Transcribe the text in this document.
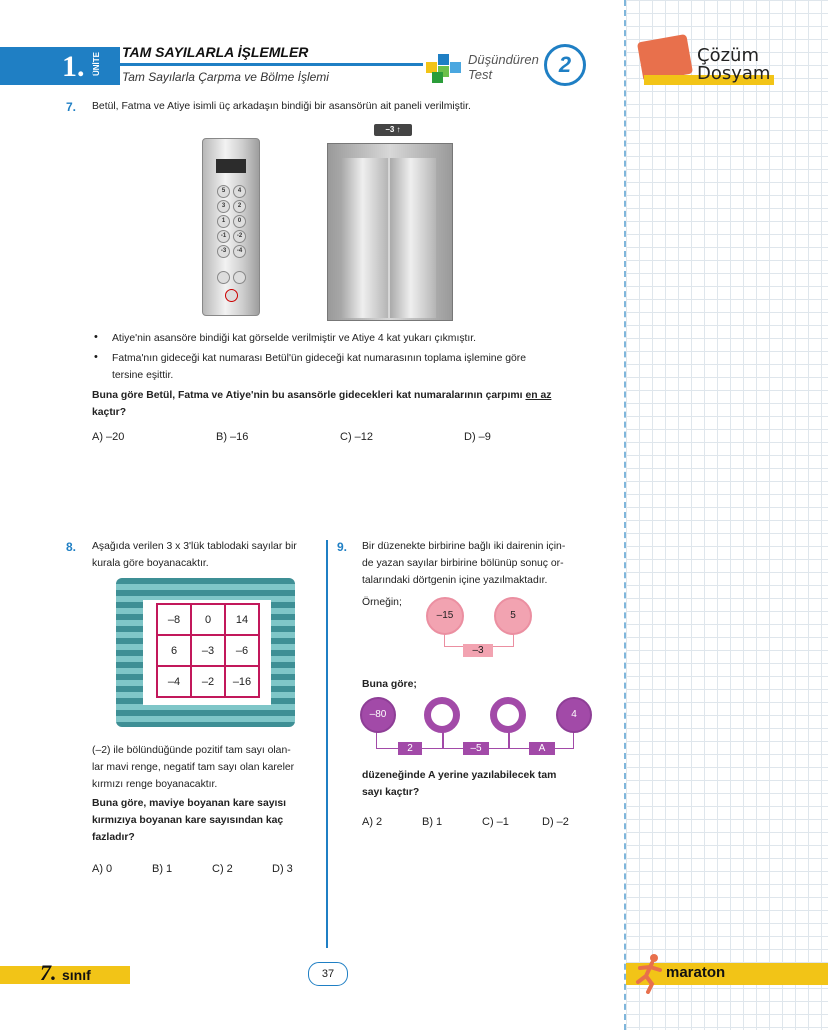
1. ÜNİTE TAM SAYILARLA İŞLEMLER
Tam Sayılarla Çarpma ve Bölme İşlemi
Düşündüren
Test	2	Çözüm
Dosyam
7. Betül, Fatma ve Atiye isimli üç arkadaşın bindiği bir asansörün ait paneli verilmiştir.
–3 ↑
5	4
3	2
1	0
-1	-2
-3	-4
• Atiye'nin asansöre bindiği kat görselde verilmiştir ve Atiye 4 kat yukarı çıkmıştır.
• Fatma'nın gideceği kat numarası Betül'ün gideceği kat numarasının toplama işlemine göre
tersine eşittir.
Buna göre Betül, Fatma ve Atiye'nin bu asansörle gidecekleri kat numaralarının çarpımı en az
kaçtır?
A) –20	B) –16	C) –12	D) –9
8. Aşağıda verilen 3 x 3'lük tablodaki sayılar bir
kurala göre boyanacaktır.
–8	0	14
6	–3	–6
–4	–2	–16
(–2) ile bölündüğünde pozitif tam sayı olan-
lar mavi renge, negatif tam sayı olan kareler
kırmızı renge boyanacaktır.
Buna göre, maviye boyanan kare sayısı
kırmızıya boyanan kare sayısından kaç
fazladır?
A) 0	B) 1	C) 2	D) 3
9. Bir düzenekte birbirine bağlı iki dairenin için-
de yazan sayılar birbirine bölünüp sonuç or-
talarındaki dörtgenin içine yazılmaktadır.
Örneğin;
–15	5
–3
Buna göre;
–80	4
2	–5	A
düzeneğinde A yerine yazılabilecek tam
sayı kaçtır?
A) 2	B) 1	C) –1	D) –2
7. sınıf	37	maraton
